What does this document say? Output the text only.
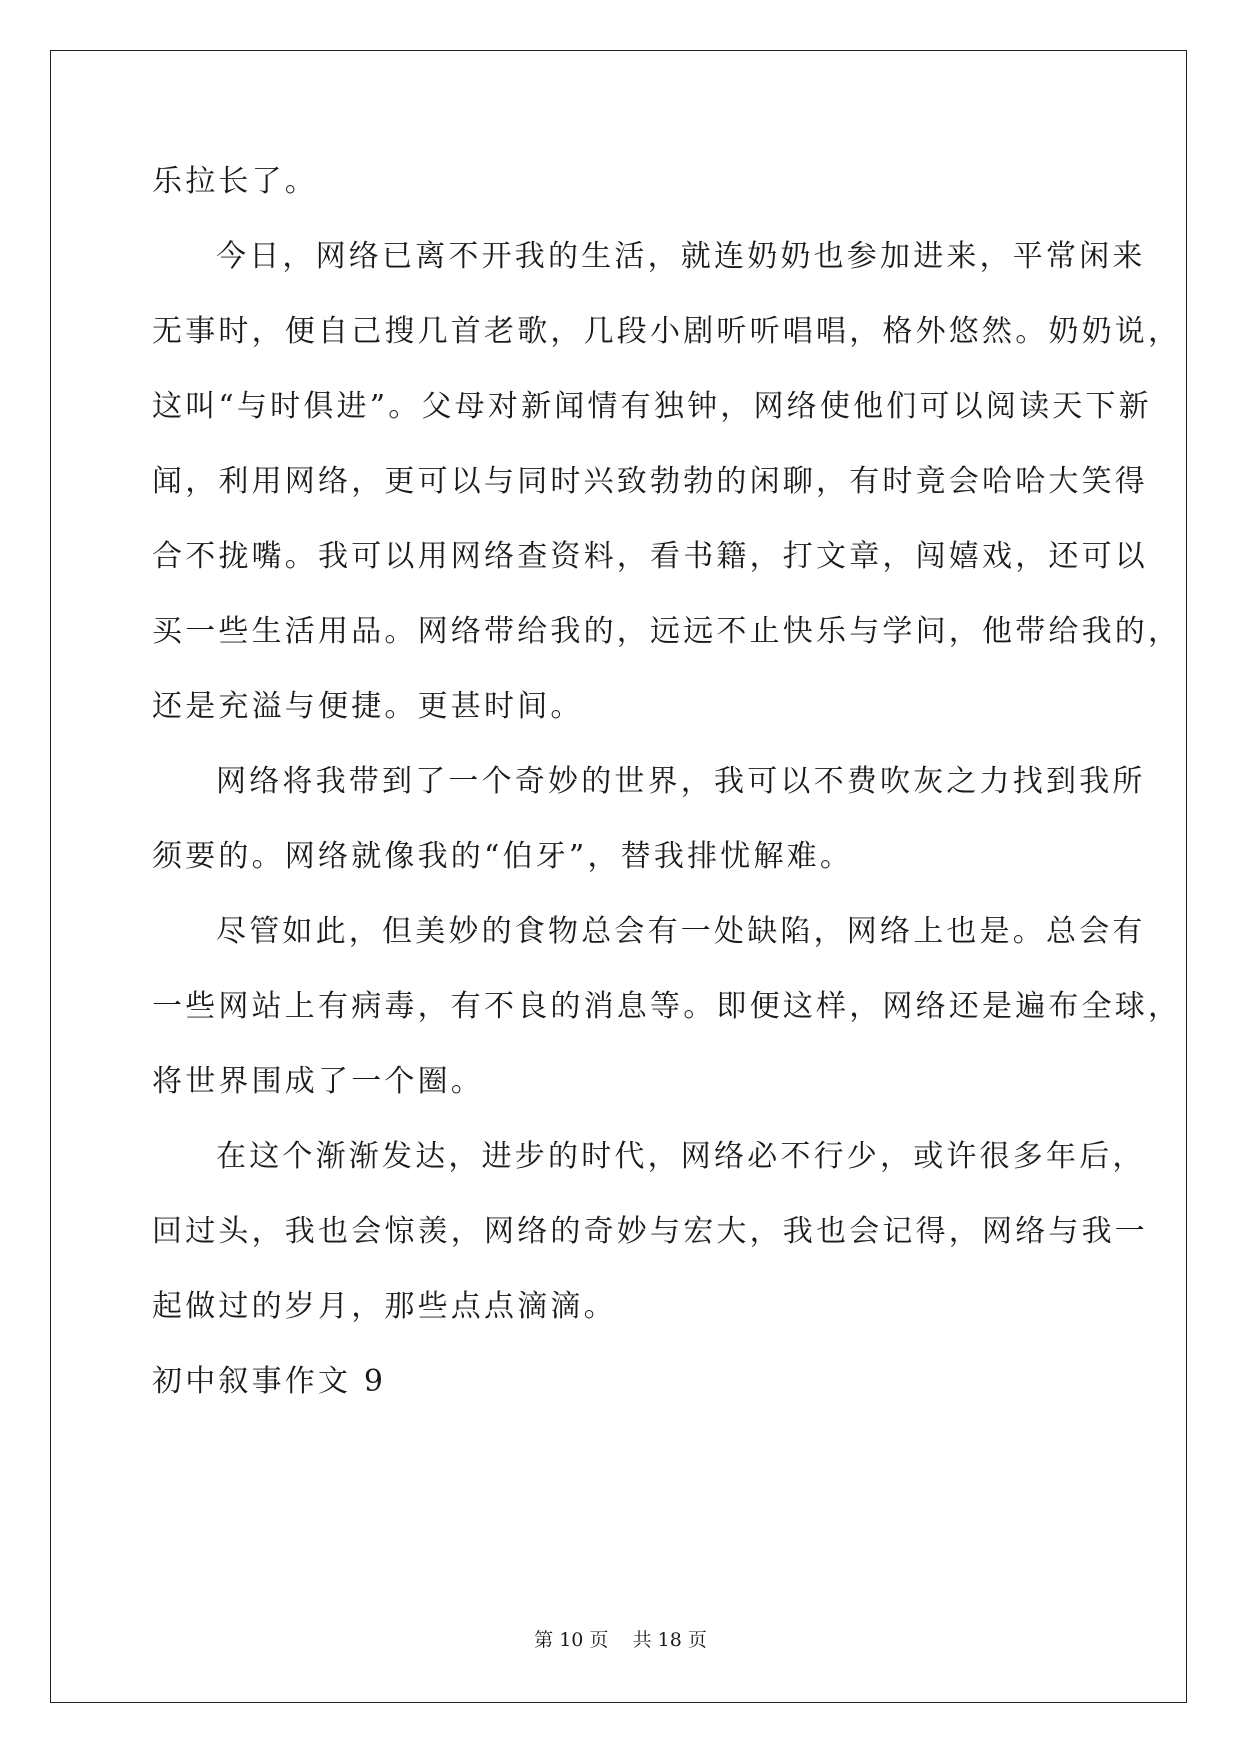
乐拉长了。
今日，网络已离不开我的生活，就连奶奶也参加进来，平常闲来
无事时，便自己搜几首老歌，几段小剧听听唱唱，格外悠然。奶奶说，
这叫“与时俱进”。父母对新闻情有独钟，网络使他们可以阅读天下新
闻，利用网络，更可以与同时兴致勃勃的闲聊，有时竟会哈哈大笑得
合不拢嘴。我可以用网络查资料，看书籍，打文章，闯嬉戏，还可以
买一些生活用品。网络带给我的，远远不止快乐与学问，他带给我的，
还是充溢与便捷。更甚时间。
网络将我带到了一个奇妙的世界，我可以不费吹灰之力找到我所
须要的。网络就像我的“伯牙”，替我排忧解难。
尽管如此，但美妙的食物总会有一处缺陷，网络上也是。总会有
一些网站上有病毒，有不良的消息等。即便这样，网络还是遍布全球，
将世界围成了一个圈。
在这个渐渐发达，进步的时代，网络必不行少，或许很多年后，
回过头，我也会惊羡，网络的奇妙与宏大，我也会记得，网络与我一
起做过的岁月，那些点点滴滴。
初中叙事作文 9
第 10 页    共 18 页
